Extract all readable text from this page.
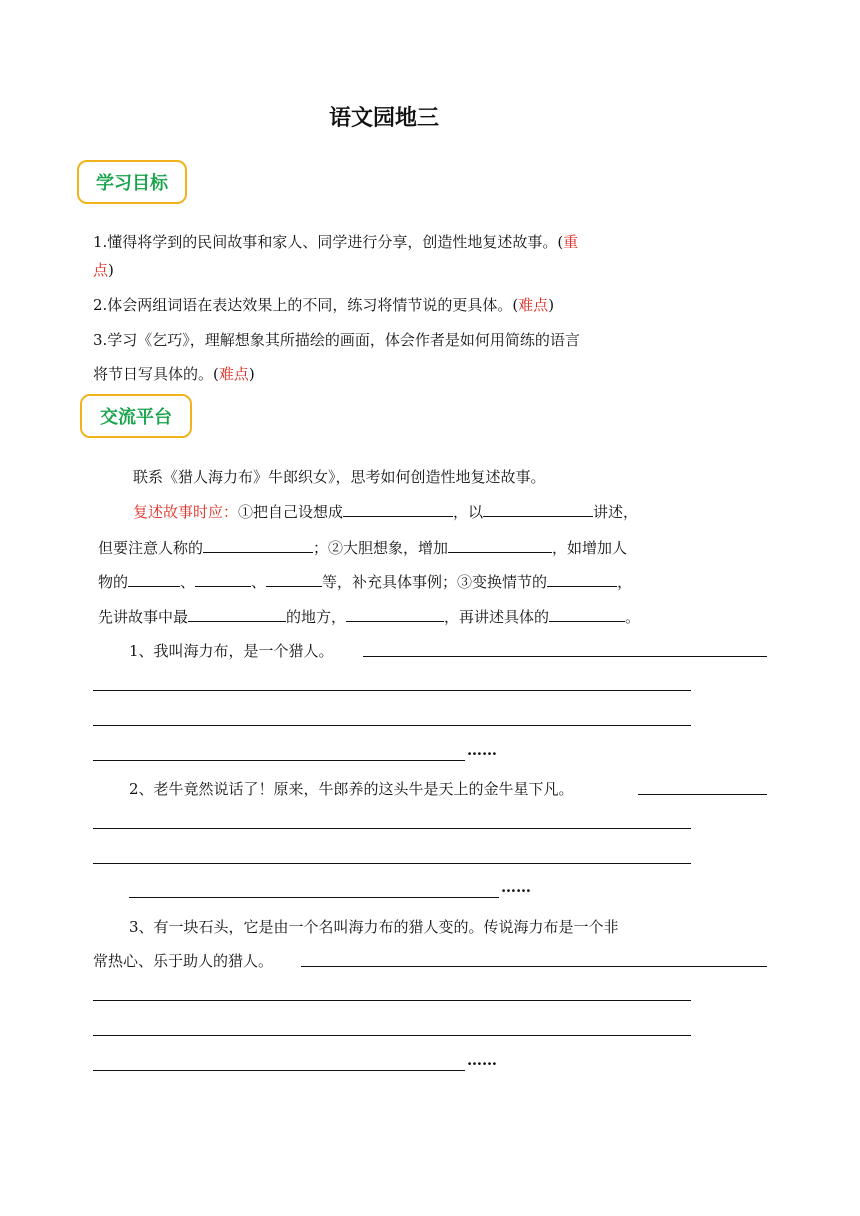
语文园地三
学习目标
1.懂得将学到的民间故事和家人、同学进行分享，创造性地复述故事。(重
点)
2.体会两组词语在表达效果上的不同，练习将情节说的更具体。(难点)
3.学习《乞巧》，理解想象其所描绘的画面，体会作者是如何用简练的语言
将节日写具体的。(难点)
交流平台
联系《猎人海力布》牛郎织女》，思考如何创造性地复述故事。
复述故事时应：①把自己设想成	，以	讲述，
但要注意人称的	；②大胆想象，增加	，如增加人
物的	、	、	等，补充具体事例；③变换情节的	，
先讲故事中最	的地方，	，再讲述具体的	。
1、我叫海力布，是一个猎人。
……
2、老牛竟然说话了！原来，牛郎养的这头牛是天上的金牛星下凡。
……
3、有一块石头，它是由一个名叫海力布的猎人变的。传说海力布是一个非
常热心、乐于助人的猎人。
……
